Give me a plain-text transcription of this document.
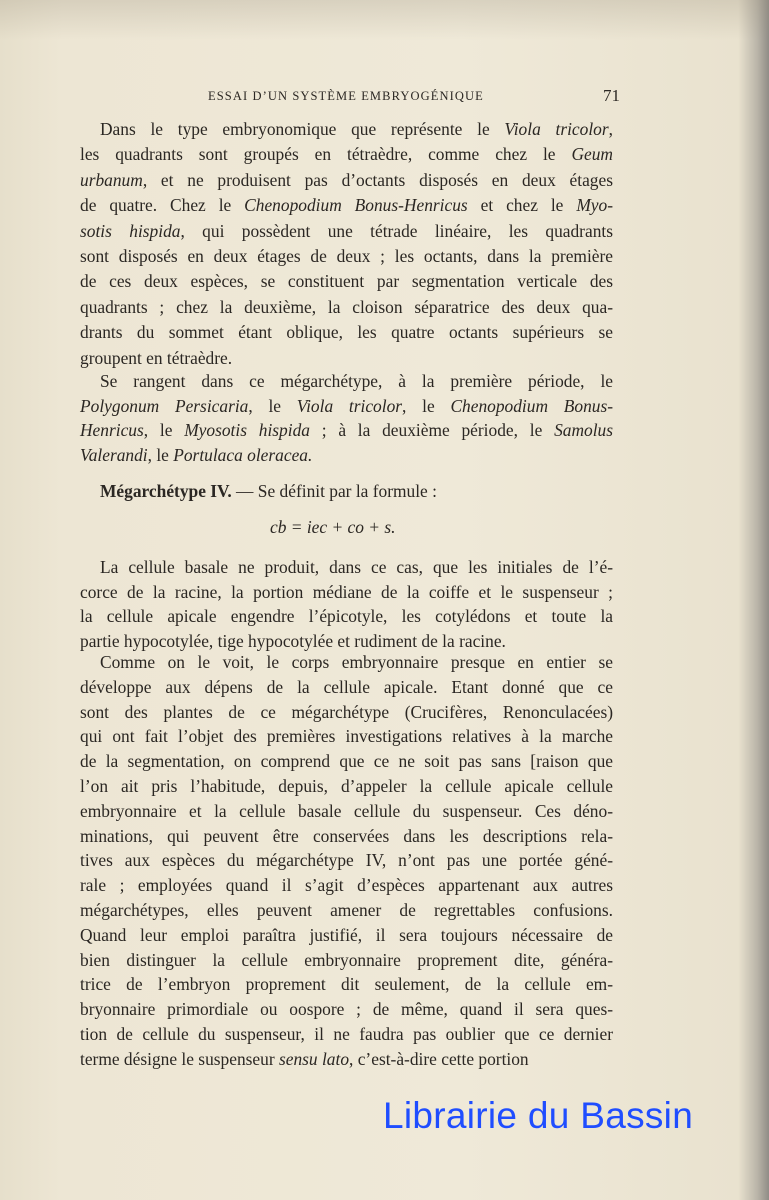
ESSAI D’UN SYSTÈME EMBRYOGÉNIQUE	71
Dans le type embryonomique que représente le Viola tricolor,
les quadrants sont groupés en tétraèdre, comme chez le Geum
urbanum, et ne produisent pas d’octants disposés en deux étages
de quatre. Chez le Chenopodium Bonus-Henricus et chez le Myo-
sotis hispida, qui possèdent une tétrade linéaire, les quadrants
sont disposés en deux étages de deux ; les octants, dans la première
de ces deux espèces, se constituent par segmentation verticale des
quadrants ; chez la deuxième, la cloison séparatrice des deux qua-
drants du sommet étant oblique, les quatre octants supérieurs se
groupent en tétraèdre.
Se rangent dans ce mégarchétype, à la première période, le
Polygonum Persicaria, le Viola tricolor, le Chenopodium Bonus-
Henricus, le Myosotis hispida ; à la deuxième période, le Samolus
Valerandi, le Portulaca oleracea.
La cellule basale ne produit, dans ce cas, que les initiales de l’é-
corce de la racine, la portion médiane de la coiffe et le suspenseur ;
la cellule apicale engendre l’épicotyle, les cotylédons et toute la
partie hypocotylée, tige hypocotylée et rudiment de la racine.
Comme on le voit, le corps embryonnaire presque en entier se
développe aux dépens de la cellule apicale. Etant donné que ce
sont des plantes de ce mégarchétype (Crucifères, Renonculacées)
qui ont fait l’objet des premières investigations relatives à la marche
de la segmentation, on comprend que ce ne soit pas sans [raison que
l’on ait pris l’habitude, depuis, d’appeler la cellule apicale cellule
embryonnaire et la cellule basale cellule du suspenseur. Ces déno-
minations, qui peuvent être conservées dans les descriptions rela-
tives aux espèces du mégarchétype IV, n’ont pas une portée géné-
rale ; employées quand il s’agit d’espèces appartenant aux autres
mégarchétypes, elles peuvent amener de regrettables confusions.
Quand leur emploi paraîtra justifié, il sera toujours nécessaire de
bien distinguer la cellule embryonnaire proprement dite, généra-
trice de l’embryon proprement dit seulement, de la cellule em-
bryonnaire primordiale ou oospore ; de même, quand il sera ques-
tion de cellule du suspenseur, il ne faudra pas oublier que ce dernier
terme désigne le suspenseur sensu lato, c’est-à-dire cette portion
Mégarchétype IV. — Se définit par la formule :
cb = iec + co + s.
Librairie du Bassin
